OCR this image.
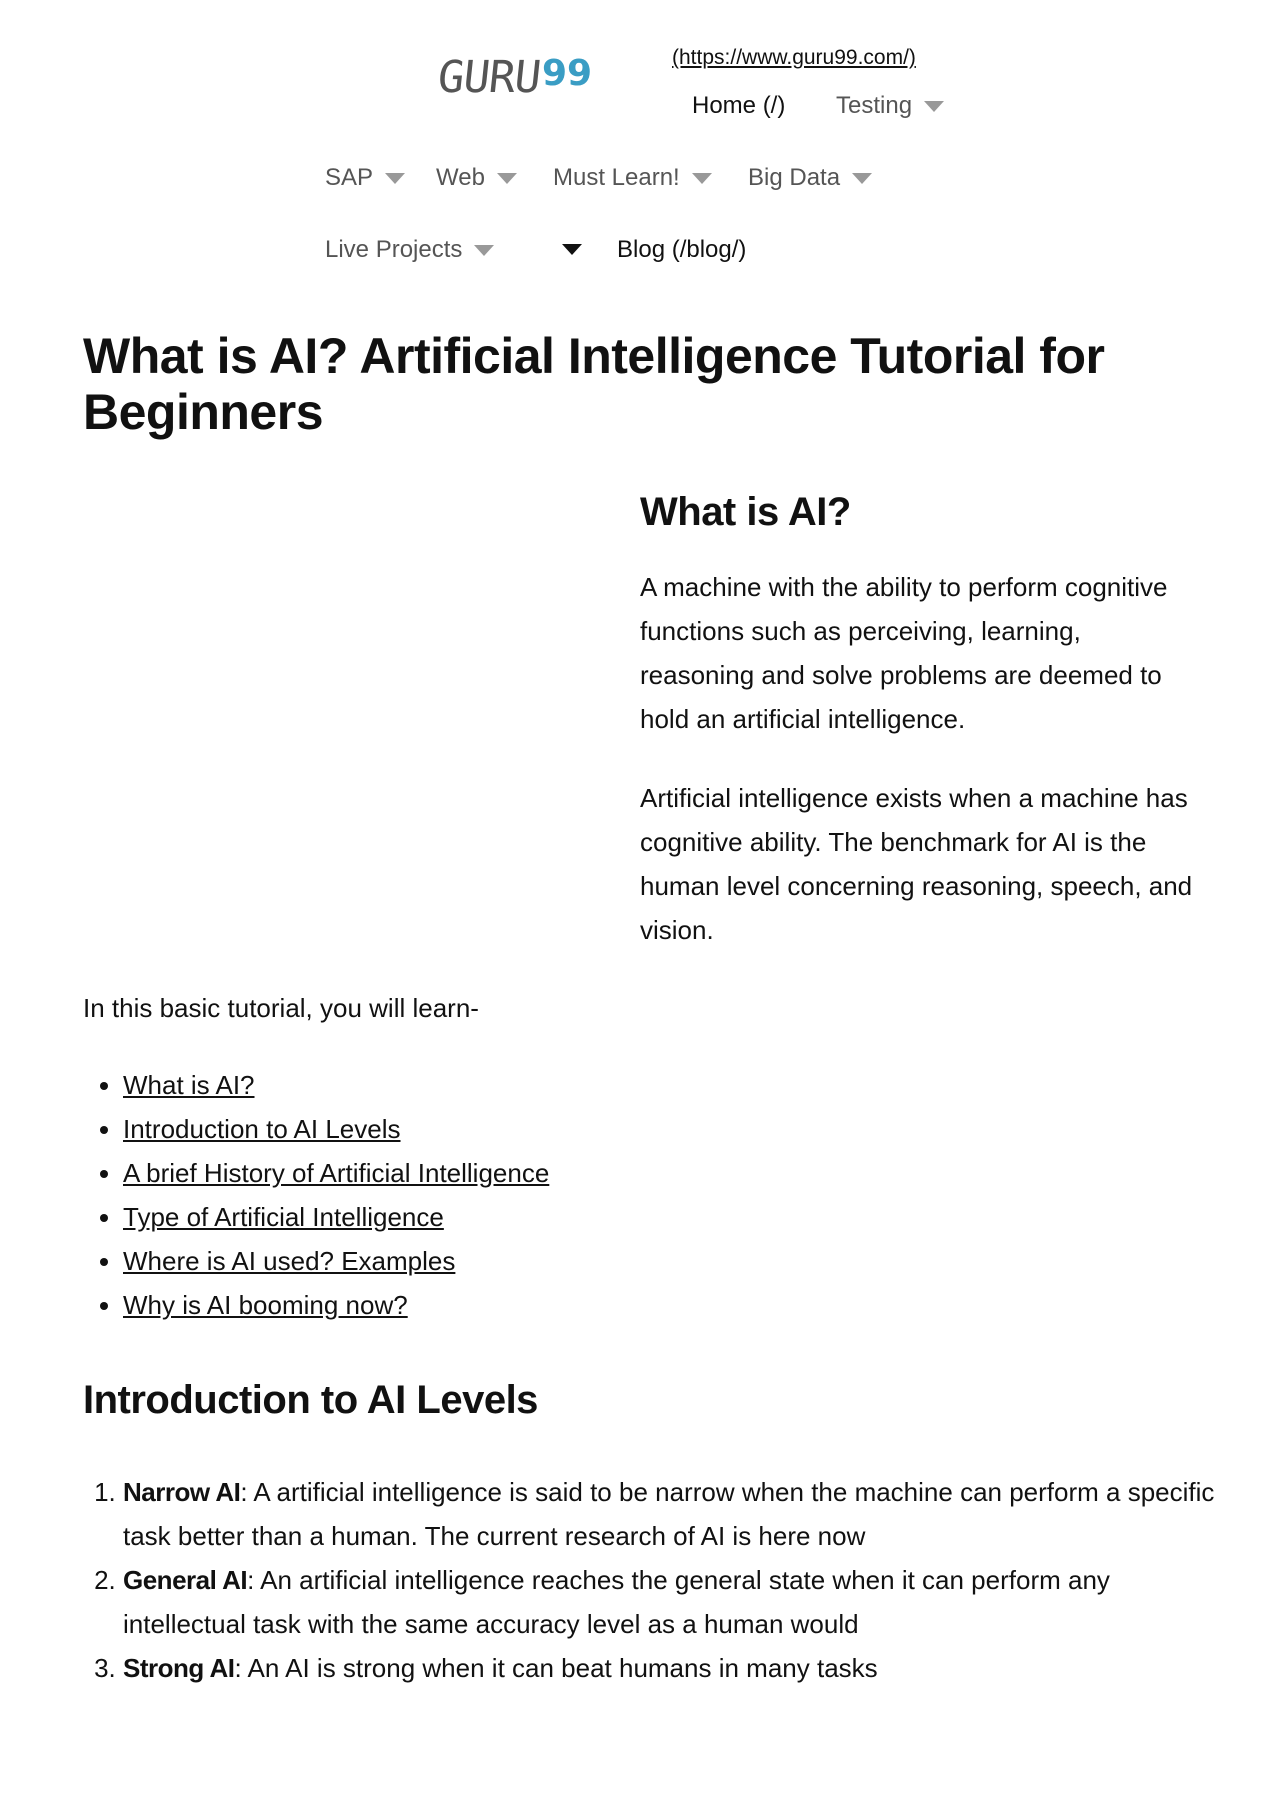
GURU 99	(https://www.guru99.com/)
Home (/) Testing
SAP	Web	Must Learn!	Big Data
Live Projects	Blog (/blog/)
What is AI? Artificial Intelligence Tutorial for Beginners
What is AI?

A machine with the ability to perform cognitive functions such as perceiving, learning, reasoning and solve problems are deemed to hold an artificial intelligence.

Artificial intelligence exists when a machine has cognitive ability. The benchmark for AI is the human level concerning reasoning, speech, and vision.

In this basic tutorial, you will learn-

• What is AI?
• Introduction to AI Levels
• A brief History of Artificial Intelligence
• Type of Artificial Intelligence
• Where is AI used? Examples
• Why is AI booming now?
Introduction to AI Levels
1. Narrow AI: A artificial intelligence is said to be narrow when the machine can perform a specific task better than a human. The current research of AI is here now
2. General AI: An artificial intelligence reaches the general state when it can perform any intellectual task with the same accuracy level as a human would
3. Strong AI: An AI is strong when it can beat humans in many tasks
